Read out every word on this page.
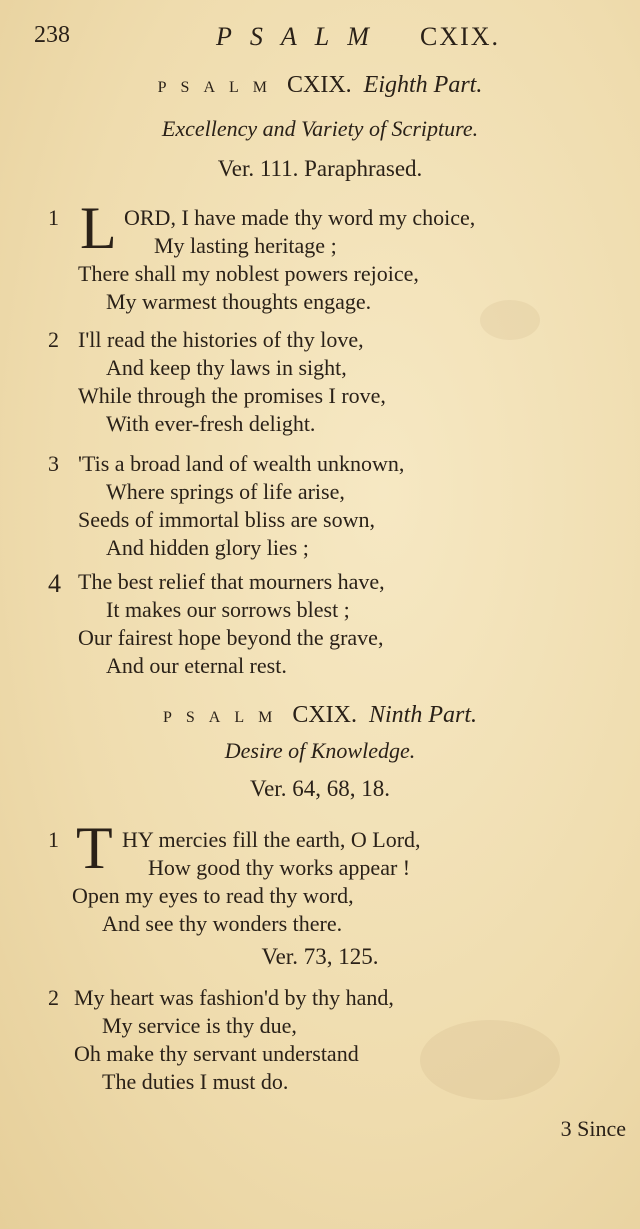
238	PSALM CXIX.
PSALM CXIX. Eighth Part.
Excellency and Variety of Scripture.
Ver. 111. Paraphrased.
1 L ORD, I have made thy word my choice,
My lasting heritage ;
There shall my noblest powers rejoice,
My warmest thoughts engage.
2 I'll read the histories of thy love,
And keep thy laws in sight,
While through the promises I rove,
With ever-fresh delight.
3 'Tis a broad land of wealth unknown,
Where springs of life arise,
Seeds of immortal bliss are sown,
And hidden glory lies ;
4 The best relief that mourners have,
It makes our sorrows blest ;
Our fairest hope beyond the grave,
And our eternal rest.
PSALM CXIX. Ninth Part.
Desire of Knowledge.
Ver. 64, 68, 18.
1 T HY mercies fill the earth, O Lord,
How good thy works appear !
Open my eyes to read thy word,
And see thy wonders there.
Ver. 73, 125.
2 My heart was fashion'd by thy hand,
My service is thy due,
Oh make thy servant understand
The duties I must do.
3 Since
